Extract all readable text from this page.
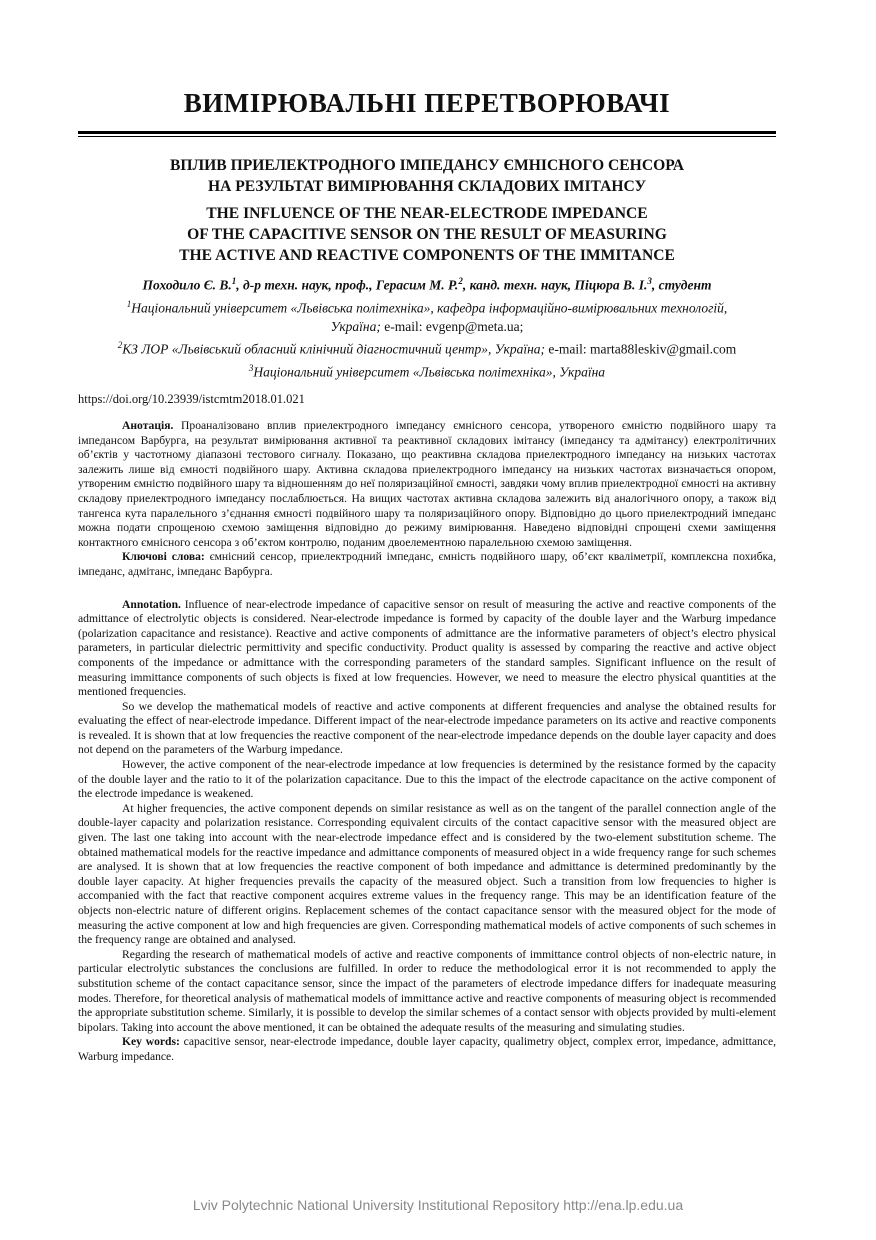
ВИМІРЮВАЛЬНІ ПЕРЕТВОРЮВАЧІ
ВПЛИВ ПРИЕЛЕКТРОДНОГО ІМПЕДАНСУ ЄМНІСНОГО СЕНСОРА
НА РЕЗУЛЬТАТ ВИМІРЮВАННЯ СКЛАДОВИХ ІМІТАНСУ
THE INFLUENCE OF THE NEAR-ELECTRODE IMPEDANCE
OF THE CAPACITIVE SENSOR ON THE RESULT OF MEASURING
THE ACTIVE AND REACTIVE COMPONENTS OF THE IMMITANCE
Походило Є. В.$^1$, д-р техн. наук, проф., Герасим М. Р.$^2$, канд. техн. наук, Піцюра В. І.$^3$, студент
$^1$Національний університет «Львівська політехніка», кафедра інформаційно-вимірювальних технологій,
Україна; e-mail: evgenp@meta.ua;
$^2$КЗ ЛОР «Львівський обласний клінічний діагностичний центр», Україна; e-mail: marta88leskiv@gmail.com
$^3$Національний університет «Львівська політехніка», Україна
https://doi.org/10.23939/istcmtm2018.01.021

Анотація. Проаналізовано вплив приелектродного імпедансу ємнісного сенсора, утвореного ємністю подвійного шару та імпедансом Варбурга, на результат вимірювання активної та реактивної складових імітансу (імпедансу та адмітансу) електролітичних об’єктів у частотному діапазоні тестового сигналу. Показано, що реактивна складова приелектродного імпедансу на низьких частотах залежить лише від ємності подвійного шару. Активна складова приелектродного імпедансу на низьких частотах визначається опором, утвореним ємністю подвійного шару та відношенням до неї поляризаційної ємності, завдяки чому вплив приелектродної ємності на активну складову приелектродного імпедансу послаблюється. На вищих частотах активна складова залежить від аналогічного опору, а також від тангенса кута паралельного з’єднання ємності подвійного шару та поляризаційного опору. Відповідно до цього приелектродний імпеданс можна подати спрощеною схемою заміщення відповідно до режиму вимірювання. Наведено відповідні спрощені схеми заміщення контактного ємнісного сенсора з об’єктом контролю, поданим двоелементною паралельною схемою заміщення.

Ключові слова: ємнісний сенсор, приелектродний імпеданс, ємність подвійного шару, об’єкт кваліметрії, комплексна похибка, імпеданс, адмітанс, імпеданс Варбурга.

Annotation. Influence of near-electrode impedance of capacitive sensor on result of measuring the active and reactive components of the admittance of electrolytic objects is considered. Near-electrode impedance is formed by capacity of the double layer and the Warburg impedance (polarization capacitance and resistance). Reactive and active components of admittance are the informative parameters of object’s electro physical parameters, in particular dielectric permittivity and specific conductivity. Product quality is assessed by comparing the reactive and active object components of the impedance or admittance with the corresponding parameters of the standard samples. Significant influence on the result of measuring immittance components of such objects is fixed at low frequencies. However, we need to measure the electro physical quantities at the mentioned frequencies.

So we develop the mathematical models of reactive and active components at different frequencies and analyse the obtained results for evaluating the effect of near-electrode impedance. Different impact of the near-electrode impedance parameters on its active and reactive components is revealed. It is shown that at low frequencies the reactive component of the near-electrode impedance depends on the double layer capacity and does not depend on the parameters of the Warburg impedance.

However, the active component of the near-electrode impedance at low frequencies is determined by the resistance formed by the capacity of the double layer and the ratio to it of the polarization capacitance. Due to this the impact of the electrode capacitance on the active component of the electrode impedance is weakened.

At higher frequencies, the active component depends on similar resistance as well as on the tangent of the parallel connection angle of the double-layer capacity and polarization resistance. Corresponding equivalent circuits of the contact capacitive sensor with the measured object are given. The last one taking into account with the near-electrode impedance effect and is considered by the two-element substitution scheme. The obtained mathematical models for the reactive impedance and admittance components of measured object in a wide frequency range for such schemes are analysed. It is shown that at low frequencies the reactive component of both impedance and admittance is determined predominantly by the double layer capacity. At higher frequencies prevails the capacity of the measured object. Such a transition from low frequencies to higher is accompanied with the fact that reactive component acquires extreme values in the frequency range. This may be an identification feature of the objects non-electric nature of different origins. Replacement schemes of the contact capacitance sensor with the measured object for the mode of measuring the active component at low and high frequencies are given. Corresponding mathematical models of active components of such schemes in the frequency range are obtained and analysed.

Regarding the research of mathematical models of active and reactive components of immittance control objects of non-electric nature, in particular electrolytic substances the conclusions are fulfilled. In order to reduce the methodological error it is not recommended to apply the substitution scheme of the contact capacitance sensor, since the impact of the parameters of electrode impedance differs for inadequate measuring modes. Therefore, for theoretical analysis of mathematical models of immittance active and reactive components of measuring object is recommended the appropriate substitution scheme. Similarly, it is possible to develop the similar schemes of a contact sensor with objects provided by multi-element bipolars. Taking into account the above mentioned, it can be obtained the adequate results of the measuring and simulating studies.

Key words: capacitive sensor, near-electrode impedance, double layer capacity, qualimetry object, complex error, impedance, admittance, Warburg impedance.

Lviv Polytechnic National University Institutional Repository http://ena.lp.edu.ua
